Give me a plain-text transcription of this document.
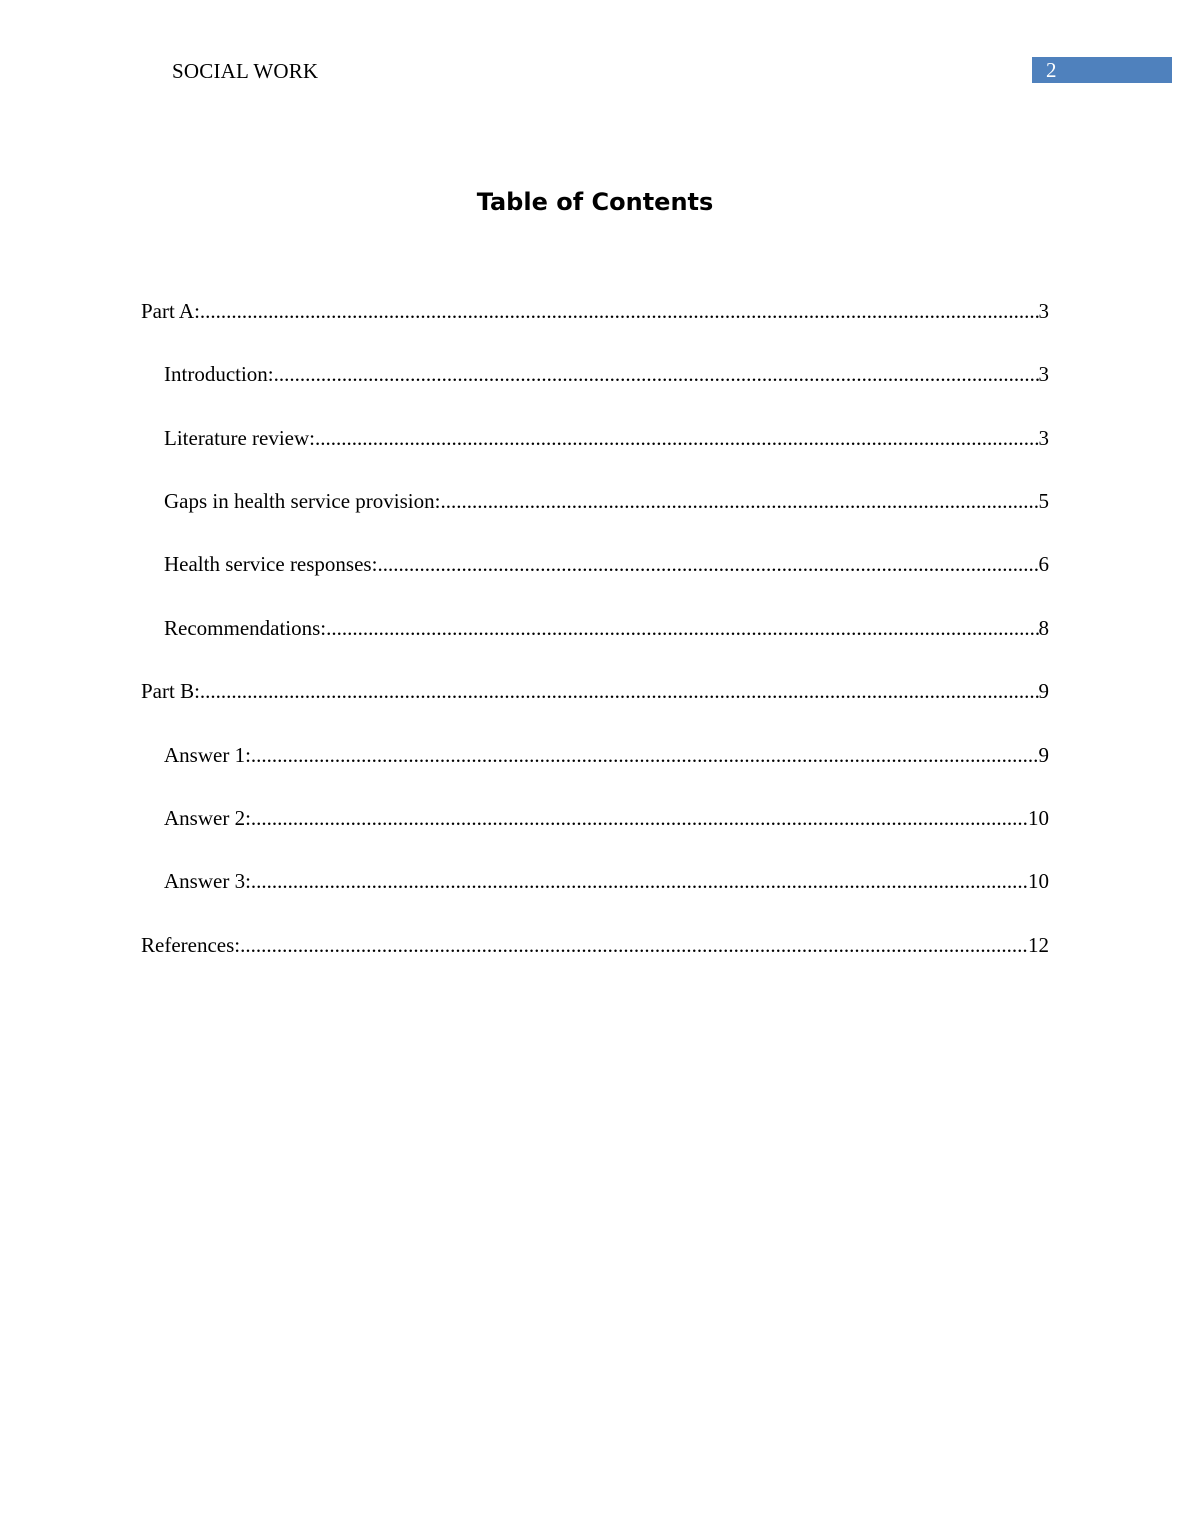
SOCIAL WORK	2
Table of Contents
Part A: .....	3
Introduction: .....	3
Literature review: .....	3
Gaps in health service provision: .....	5
Health service responses: .....	6
Recommendations: .....	8
Part B: .....	9
Answer 1: .....	9
Answer 2: .....	10
Answer 3: .....	10
References: .....	12
